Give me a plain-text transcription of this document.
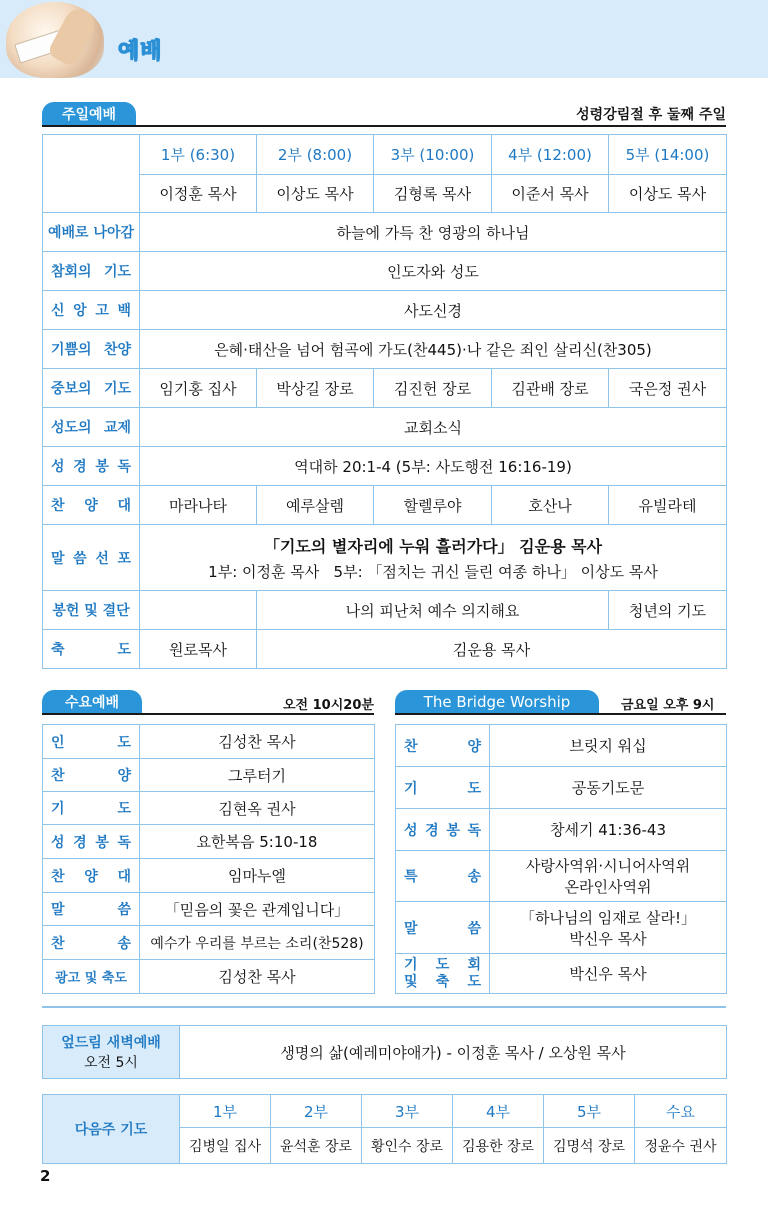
예배
주일예배	성령강림절 후 둘째 주일
	1부 (6:30)	2부 (8:00)	3부 (10:00)	4부 (12:00)	5부 (14:00)
	이정훈 목사	이상도 목사	김형록 목사	이준서 목사	이상도 목사
예배로 나아감	하늘에 가득 찬 영광의 하나님				
참회의 기도	인도자와 성도				
신 앙 고 백	사도신경				
기쁨의 찬양	은혜·태산을 넘어 험곡에 가도(찬445)·나 같은 죄인 살리신(찬305)				
중보의 기도	임기홍 집사	박상길 장로	김진헌 장로	김관배 장로	국은정 권사
성도의 교제	교회소식				
성 경 봉 독	역대하 20:1-4 (5부: 사도행전 16:16-19)				
찬 양 대	마라나타	예루살렘	할렐루야	호산나	유빌라테
말 씀 선 포	「기도의 별자리에 누워 흘러가다」 김운용 목사
1부: 이정훈 목사   5부: 「점치는 귀신 들린 여종 하나」 이상도 목사				

봉헌 및 결단		나의 피난처 예수 의지해요			청년의 기도
축 도	원로목사	김운용 목사			
수요예배	오전 10시20분
인 도	김성찬 목사
찬 양	그루터기
기 도	김현옥 권사
성 경 봉 독	요한복음 5:10-18
찬 양 대	임마누엘
말 씀	「믿음의 꽃은 관계입니다」
찬 송	예수가 우리를 부르는 소리(찬528)
광고 및 축도	김성찬 목사
The Bridge Worship	금요일 오후 9시
찬 양	브릿지 워십
기 도	공동기도문
성 경 봉 독	창세기 41:36-43
특 송	사랑사역위·시니어사역위
온라인사역위

말 씀	「하나님의 임재로 살라!」
박신우 목사

기 도 회
및 축 도	박신우 목사
엎드림 새벽예배
오전 5시
	생명의 삶(예레미야애가) - 이정훈 목사 / 오상원 목사
다음주 기도	1부	2부	3부	4부	5부	수요
	김병일 집사	윤석훈 장로	황인수 장로	김용한 장로	김명석 장로	정윤수 권사
2
